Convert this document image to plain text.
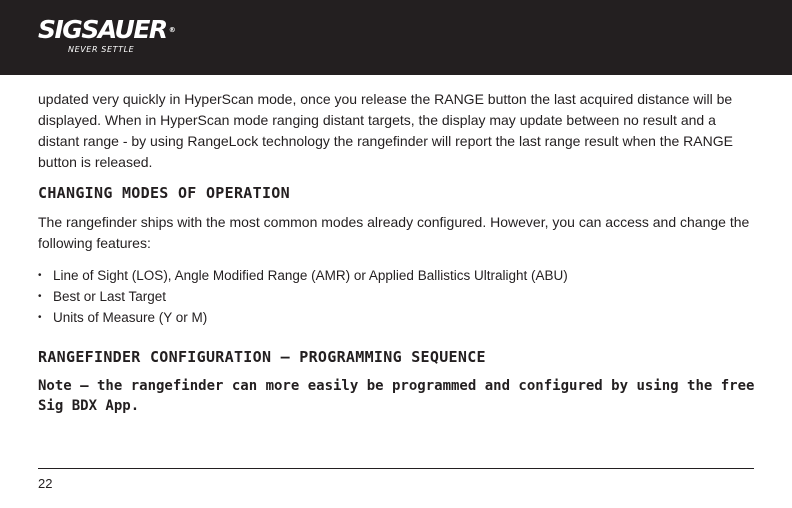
SIG SAUER ®
NEVER SETTLE

updated very quickly in HyperScan mode, once you release the RANGE button the last acquired distance will be displayed. When in HyperScan mode ranging distant targets, the display may update between no result and a distant range - by using RangeLock technology the rangefinder will report the last range result when the RANGE button is released.

CHANGING MODES OF OPERATION

The rangefinder ships with the most common modes already configured. However, you can access and change the following features:

• Line of Sight (LOS), Angle Modified Range (AMR) or Applied Ballistics Ultralight (ABU)
• Best or Last Target
• Units of Measure (Y or M)
RANGEFINDER CONFIGURATION – PROGRAMMING SEQUENCE

Note – the rangefinder can more easily be programmed and configured by using the free Sig BDX App.

22
